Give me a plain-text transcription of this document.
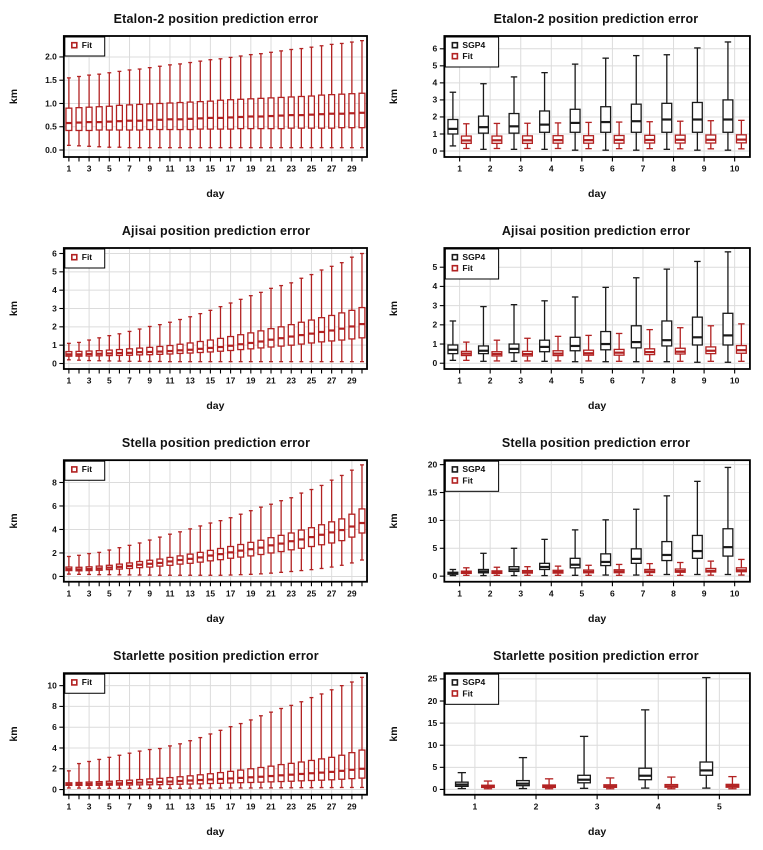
Etalon-2 position prediction error
0.0
0.5
1.0
1.5
2.0
1 3 5 7 9 11 13 15 17 19 21 23 25 27 29
day
km
Fit
Etalon-2 position prediction error
0
1
2
3
4
5
6
1	2	3	4	5	6	7	8	9	10
day
km
SGP4
Fit
Ajisai position prediction error
0
1
2
3
4
5
6
1 3 5 7 9 11 13 15 17 19 21 23 25 27 29
day
km
Fit
Ajisai position prediction error
0
1
2
3
4
5
1	2	3	4	5	6	7	8	9	10
day
km
SGP4
Fit
Stella position prediction error
0
2
4
6
8
1 3 5 7 9 11 13 15 17 19 21 23 25 27 29
day
km
Fit
Stella position prediction error
0
5
10
15
20
1	2	3	4	5	6	7	8	9	10
day
km
SGP4
Fit
Starlette position prediction error
0
2
4
6
8
10
1 3 5 7 9 11 13 15 17 19 21 23 25 27 29
day
km
Fit
Starlette position prediction error
0
5
10
15
20
25
1	2	3	4	5
day
km
SGP4
Fit
